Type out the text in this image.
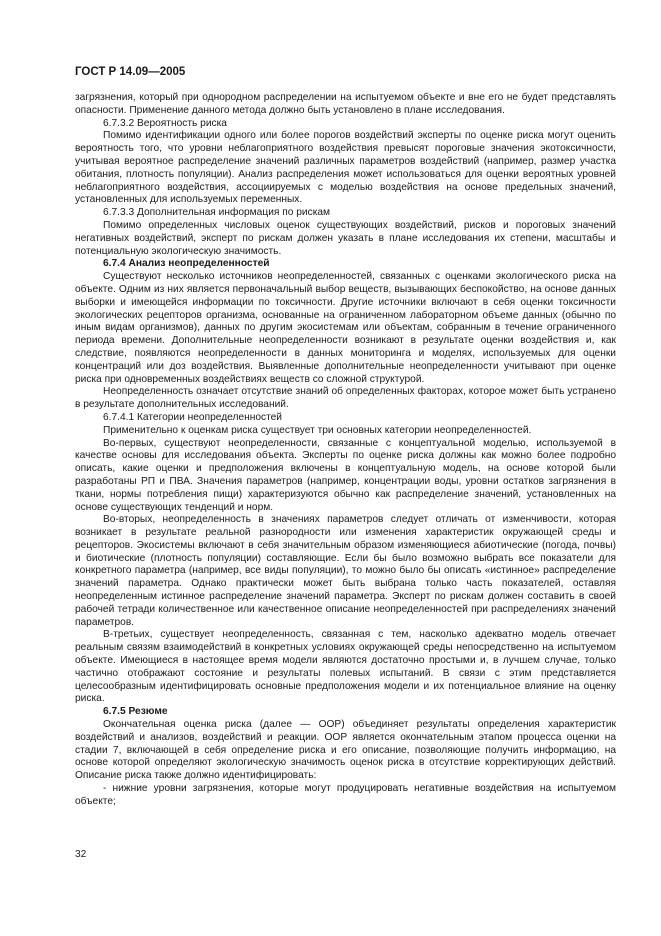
ГОСТ Р 14.09—2005

загрязнения, который при однородном распределении на испытуемом объекте и вне его не будет представлять опасности. Применение данного метода должно быть установлено в плане исследования.

6.7.3.2 Вероятность риска

Помимо идентификации одного или более порогов воздействий эксперты по оценке риска могут оценить вероятность того, что уровни неблагоприятного воздействия превысят пороговые значения экотоксичности, учитывая вероятное распределение значений различных параметров воздействий (например, размер участка обитания, плотность популяции). Анализ распределения может использоваться для оценки вероятных уровней неблагоприятного воздействия, ассоциируемых с моделью воздействия на основе предельных значений, установленных для используемых переменных.

6.7.3.3 Дополнительная информация по рискам

Помимо определенных числовых оценок существующих воздействий, рисков и пороговых значений негативных воздействий, эксперт по рискам должен указать в плане исследования их степени, масштабы и потенциальную экологическую значимость.

6.7.4 Анализ неопределенностей

Существуют несколько источников неопределенностей, связанных с оценками экологического риска на объекте. Одним из них является первоначальный выбор веществ, вызывающих беспокойство, на основе данных выборки и имеющейся информации по токсичности. Другие источники включают в себя оценки токсичности экологических рецепторов организма, основанные на ограниченном лабораторном объеме данных (обычно по иным видам организмов), данных по другим экосистемам или объектам, собранным в течение ограниченного периода времени. Дополнительные неопределенности возникают в результате оценки воздействия и, как следствие, появляются неопределенности в данных мониторинга и моделях, используемых для оценки концентраций или доз воздействия. Выявленные дополнительные неопределенности учитывают при оценке риска при одновременных воздействиях веществ со сложной структурой.

Неопределенность означает отсутствие знаний об определенных факторах, которое может быть устранено в результате дополнительных исследований.

6.7.4.1 Категории неопределенностей

Применительно к оценкам риска существует три основных категории неопределенностей.

Во-первых, существуют неопределенности, связанные с концептуальной моделью, используемой в качестве основы для исследования объекта. Эксперты по оценке риска должны как можно более подробно описать, какие оценки и предположения включены в концептуальную модель, на основе которой были разработаны РП и ПВА. Значения параметров (например, концентрации воды, уровни остатков загрязнения в ткани, нормы потребления пищи) характеризуются обычно как распределение значений, установленных на основе существующих тенденций и норм.

Во-вторых, неопределенность в значениях параметров следует отличать от изменчивости, которая возникает в результате реальной разнородности или изменения характеристик окружающей среды и рецепторов. Экосистемы включают в себя значительным образом изменяющиеся абиотические (погода, почвы) и биотические (плотность популяции) составляющие. Если бы было возможно выбрать все показатели для конкретного параметра (например, все виды популяции), то можно было бы описать «истинное» распределение значений параметра. Однако практически может быть выбрана только часть показателей, оставляя неопределенным истинное распределение значений параметра. Эксперт по рискам должен составить в своей рабочей тетради количественное или качественное описание неопределенностей при распределениях значений параметров.

В-третьих, существует неопределенность, связанная с тем, насколько адекватно модель отвечает реальным связям взаимодействий в конкретных условиях окружающей среды непосредственно на испытуемом объекте. Имеющиеся в настоящее время модели являются достаточно простыми и, в лучшем случае, только частично отображают состояние и результаты полевых испытаний. В связи с этим представляется целесообразным идентифицировать основные предположения модели и их потенциальное влияние на оценку риска.

6.7.5 Резюме

Окончательная оценка риска (далее — ООР) объединяет результаты определения характеристик воздействий и анализов, воздействий и реакции. ООР является окончательным этапом процесса оценки на стадии 7, включающей в себя определение риска и его описание, позволяющие получить информацию, на основе которой определяют экологическую значимость оценок риска в отсутствие корректирующих действий. Описание риска также должно идентифицировать:

- нижние уровни загрязнения, которые могут продуцировать негативные воздействия на испытуемом объекте;

32
